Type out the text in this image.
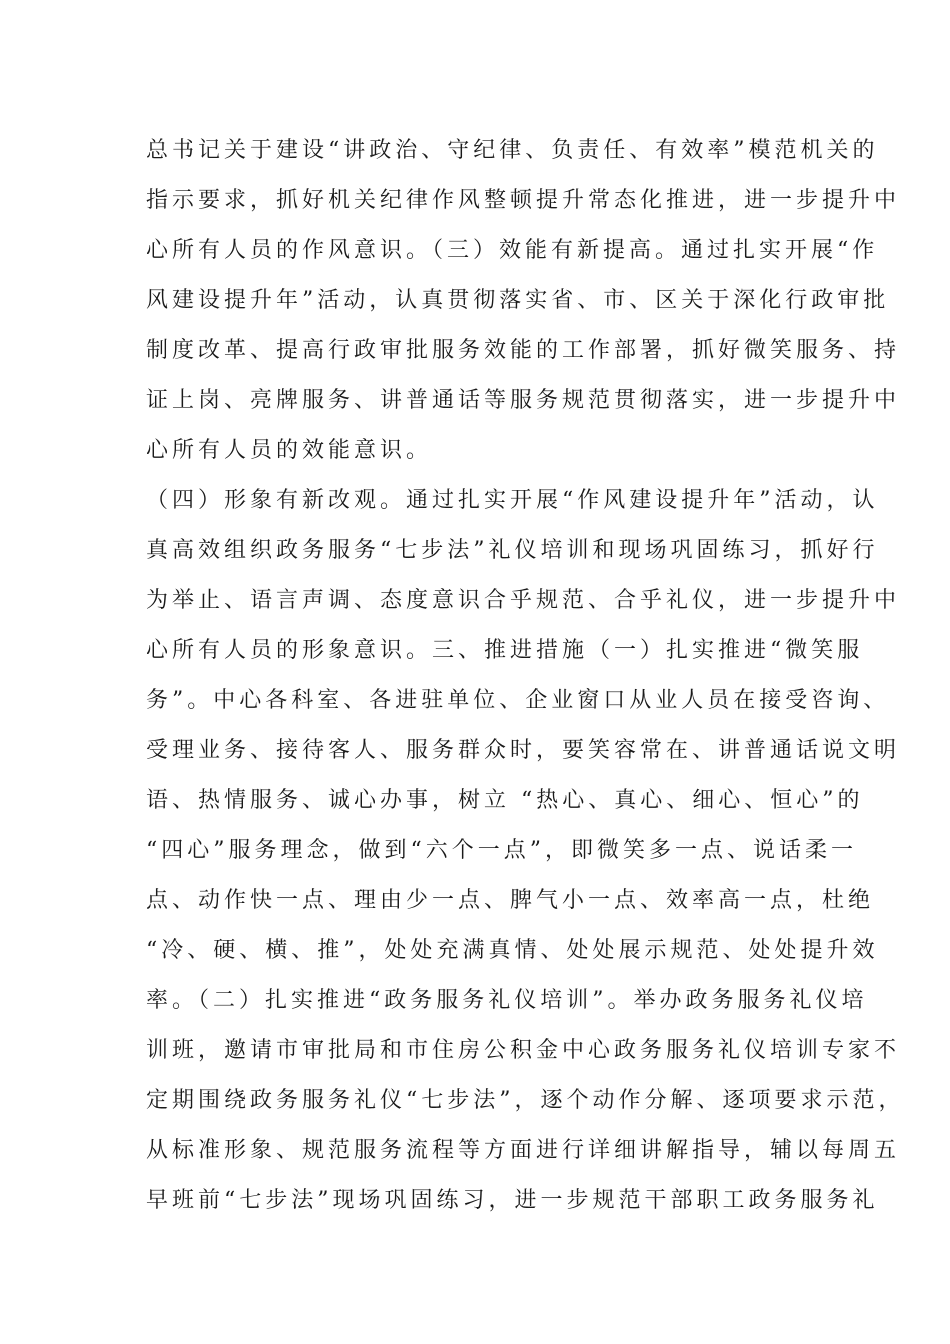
总书记关于建设“讲政治、守纪律、负责任、有效率”模范机关的
指示要求，抓好机关纪律作风整顿提升常态化推进，进一步提升中
心所有人员的作风意识。（三）效能有新提高。通过扎实开展“作
风建设提升年”活动，认真贯彻落实省、市、区关于深化行政审批
制度改革、提高行政审批服务效能的工作部署，抓好微笑服务、持
证上岗、亮牌服务、讲普通话等服务规范贯彻落实，进一步提升中
心所有人员的效能意识。
（四）形象有新改观。通过扎实开展“作风建设提升年”活动，认
真高效组织政务服务“七步法”礼仪培训和现场巩固练习，抓好行
为举止、语言声调、态度意识合乎规范、合乎礼仪，进一步提升中
心所有人员的形象意识。三、推进措施（一）扎实推进“微笑服
务”。中心各科室、各进驻单位、企业窗口从业人员在接受咨询、
受理业务、接待客人、服务群众时，要笑容常在、讲普通话说文明
语、热情服务、诚心办事，树立 “热心、真心、细心、恒心”的
“四心”服务理念，做到“六个一点”，即微笑多一点、说话柔一
点、动作快一点、理由少一点、脾气小一点、效率高一点，杜绝
“冷、硬、横、推”，处处充满真情、处处展示规范、处处提升效
率。（二）扎实推进“政务服务礼仪培训”。举办政务服务礼仪培
训班，邀请市审批局和市住房公积金中心政务服务礼仪培训专家不
定期围绕政务服务礼仪“七步法”，逐个动作分解、逐项要求示范，
从标准形象、规范服务流程等方面进行详细讲解指导，辅以每周五
早班前“七步法”现场巩固练习，进一步规范干部职工政务服务礼
